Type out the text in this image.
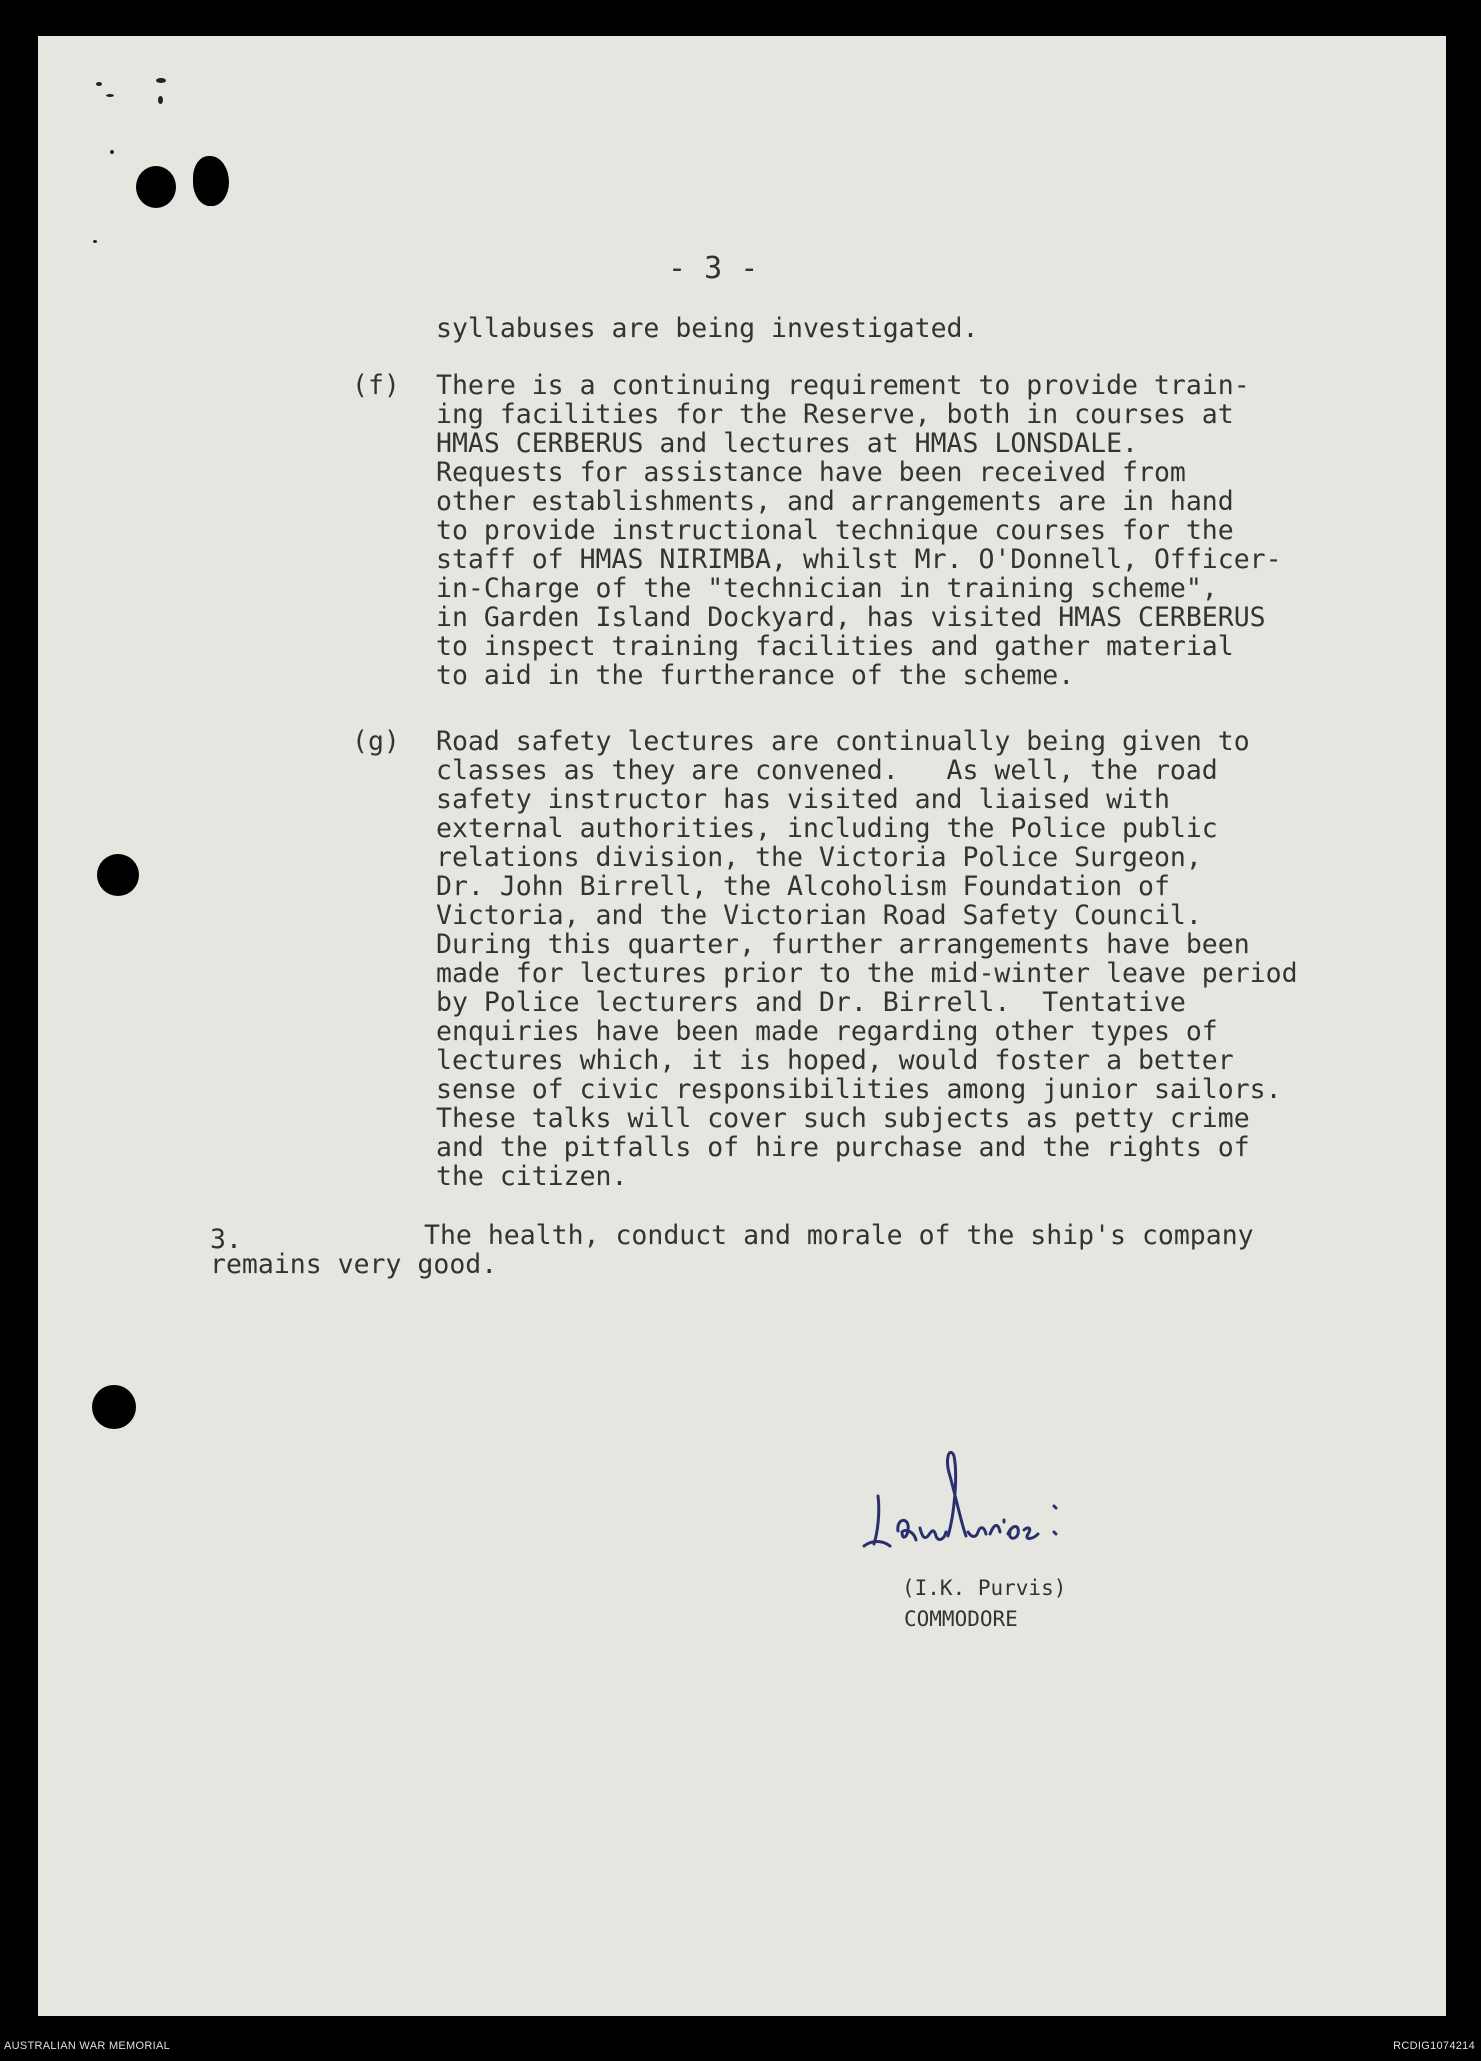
- 3 -
syllabuses are being investigated.
(f) There is a continuing requirement to provide train-
ing facilities for the Reserve, both in courses at
HMAS CERBERUS and lectures at HMAS LONSDALE.
Requests for assistance have been received from
other establishments, and arrangements are in hand
to provide instructional technique courses for the
staff of HMAS NIRIMBA, whilst Mr. O'Donnell, Officer-
in-Charge of the "technician in training scheme",
in Garden Island Dockyard, has visited HMAS CERBERUS
to inspect training facilities and gather material
to aid in the furtherance of the scheme.
(g) Road safety lectures are continually being given to
classes as they are convened.   As well, the road
safety instructor has visited and liaised with
external authorities, including the Police public
relations division, the Victoria Police Surgeon,
Dr. John Birrell, the Alcoholism Foundation of
Victoria, and the Victorian Road Safety Council.
During this quarter, further arrangements have been
made for lectures prior to the mid-winter leave period
by Police lecturers and Dr. Birrell.  Tentative
enquiries have been made regarding other types of
lectures which, it is hoped, would foster a better
sense of civic responsibilities among junior sailors.
These talks will cover such subjects as petty crime
and the pitfalls of hire purchase and the rights of
the citizen.
3.	The health, conduct and morale of the ship's company
remains very good.
(I.K. Purvis)
COMMODORE
AUSTRALIAN WAR MEMORIAL	RCDIG1074214
